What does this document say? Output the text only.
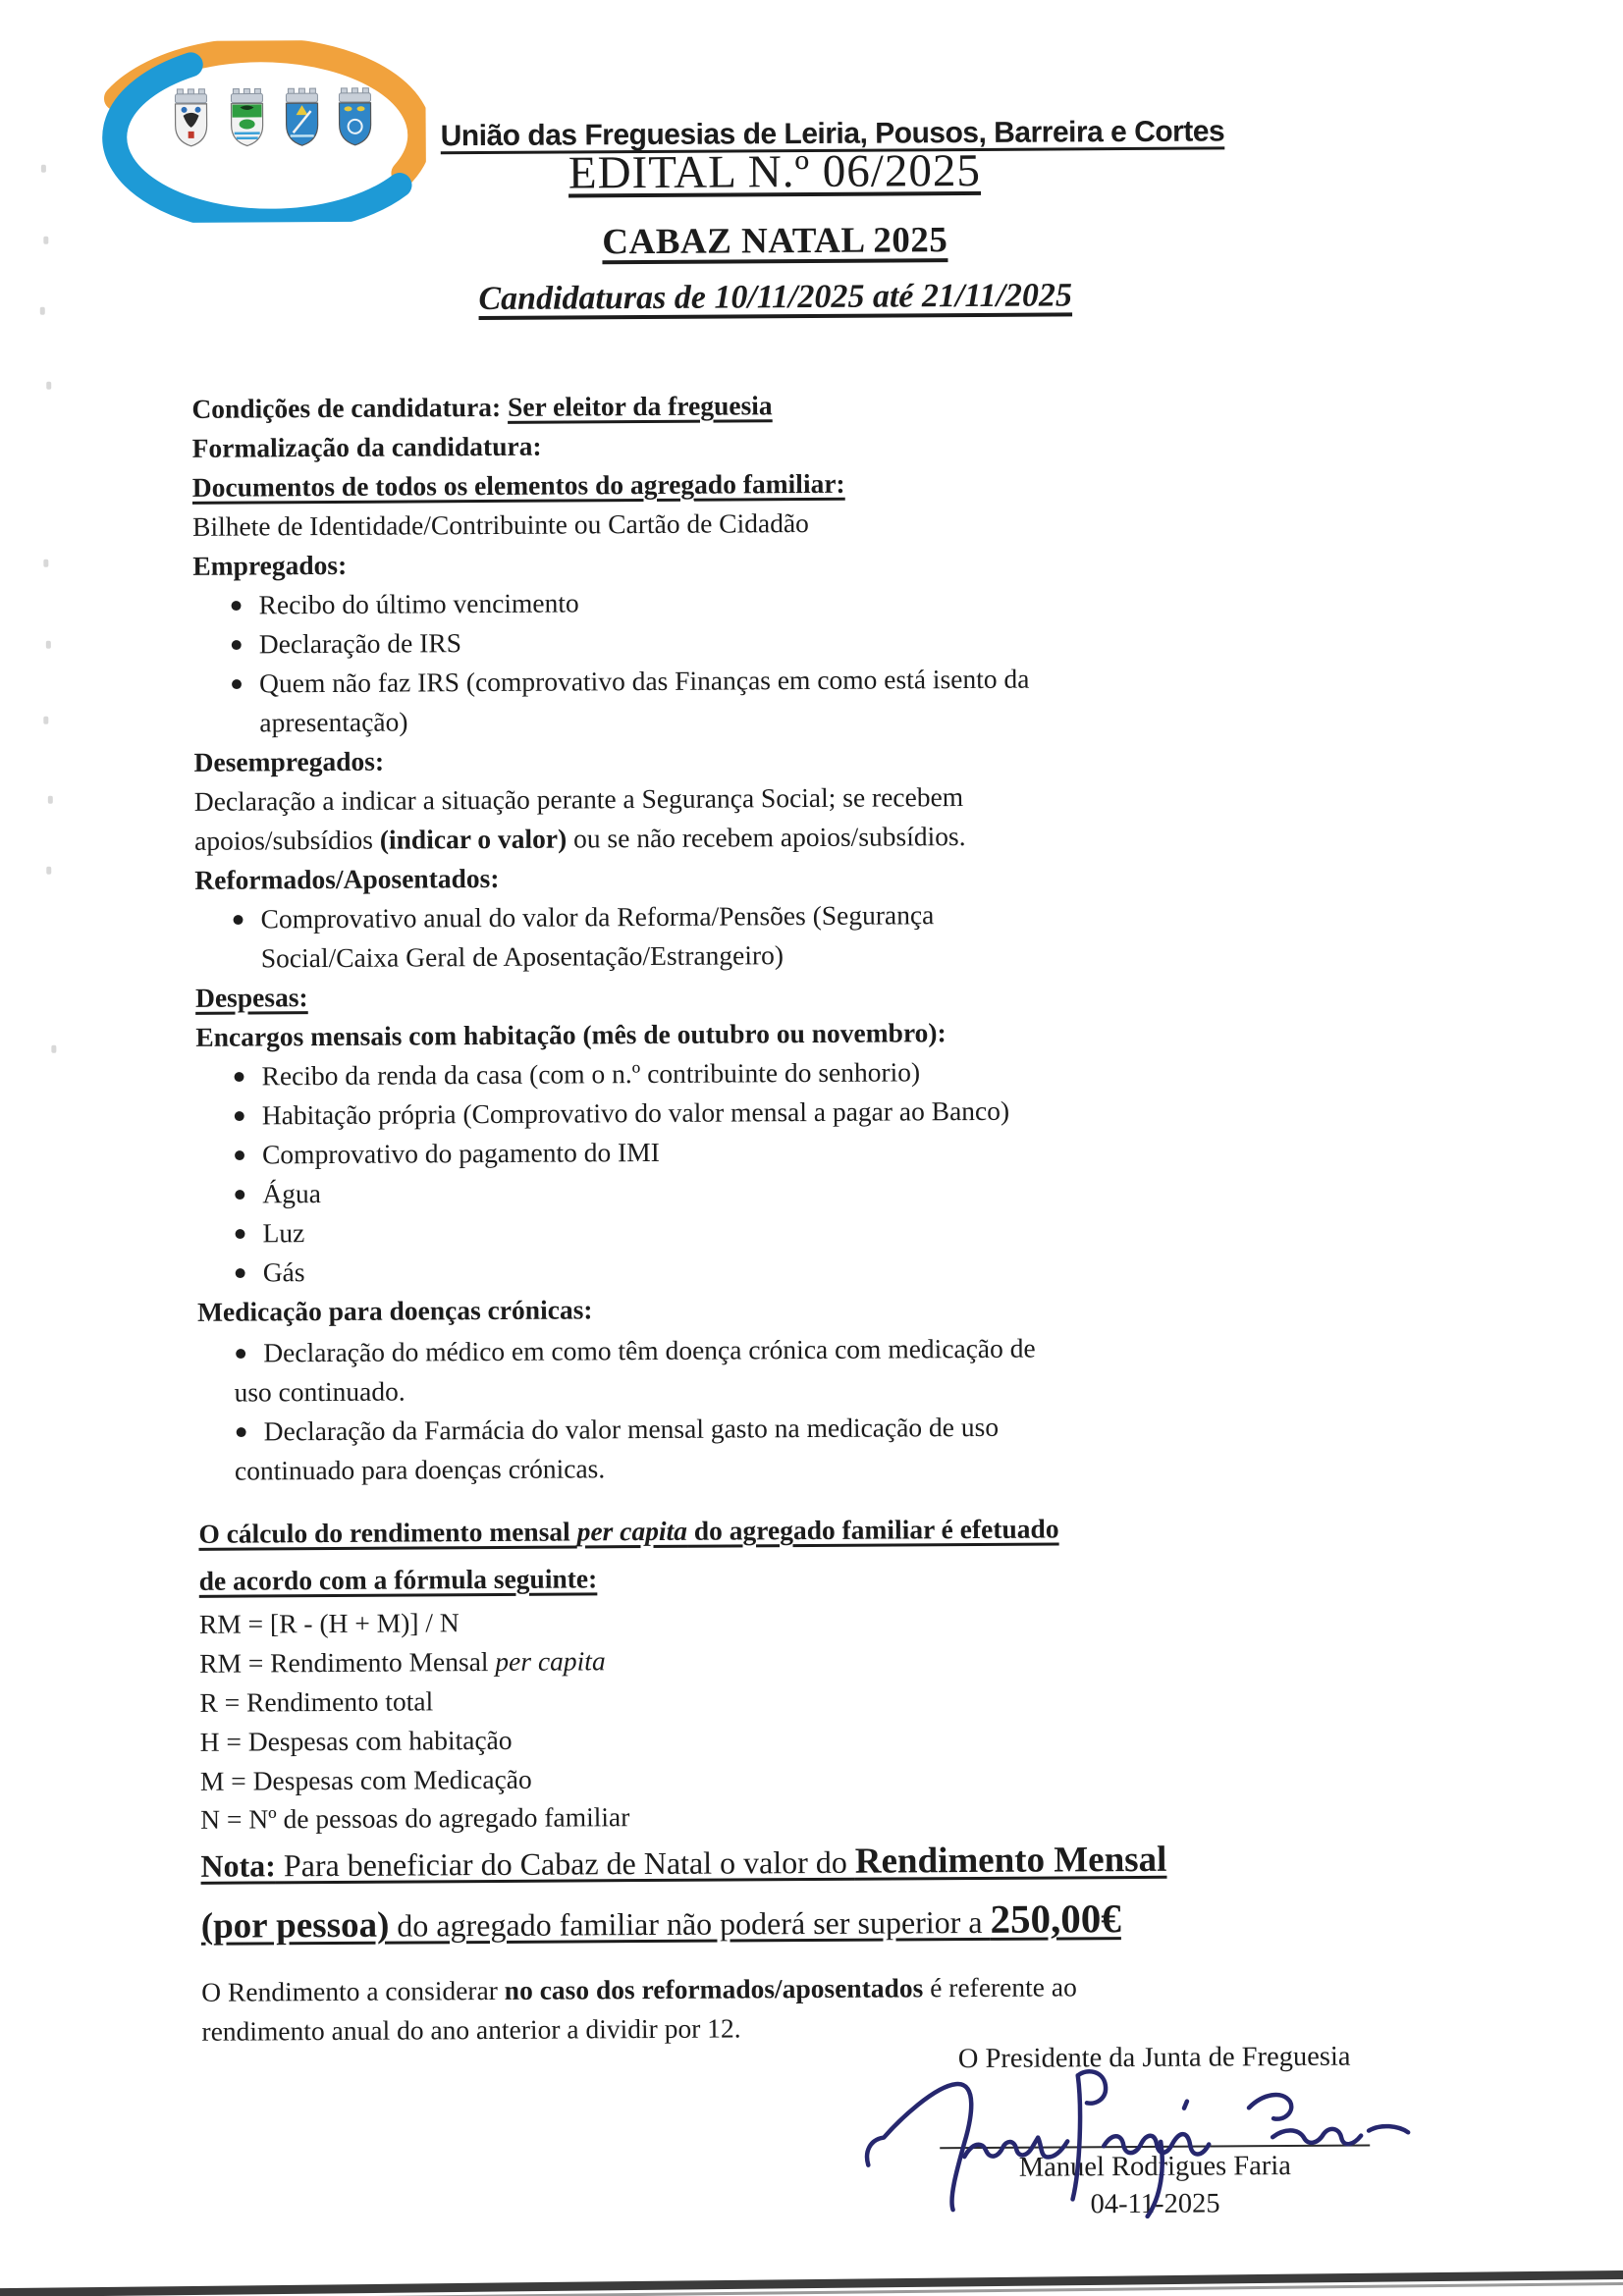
União das Freguesias de Leiria, Pousos, Barreira e Cortes
EDITAL N.º 06/2025
CABAZ NATAL 2025
Candidaturas de 10/11/2025 até 21/11/2025
Condições de candidatura: Ser eleitor da freguesia
Formalização da candidatura:
Documentos de todos os elementos do agregado familiar:
Bilhete de Identidade/Contribuinte ou Cartão de Cidadão
Empregados:
● Recibo do último vencimento
● Declaração de IRS
● Quem não faz IRS (comprovativo das Finanças em como está isento da
apresentação)
Desempregados:
Declaração a indicar a situação perante a Segurança Social; se recebem
apoios/subsídios (indicar o valor) ou se não recebem apoios/subsídios.
Reformados/Aposentados:
● Comprovativo anual do valor da Reforma/Pensões (Segurança
Social/Caixa Geral de Aposentação/Estrangeiro)
Despesas:
Encargos mensais com habitação (mês de outubro ou novembro):
● Recibo da renda da casa (com o n.º contribuinte do senhorio)
● Habitação própria (Comprovativo do valor mensal a pagar ao Banco)
● Comprovativo do pagamento do IMI
● Água
● Luz
● Gás
Medicação para doenças crónicas:
● Declaração do médico em como têm doença crónica com medicação de
uso continuado.
● Declaração da Farmácia do valor mensal gasto na medicação de uso
continuado para doenças crónicas.
O cálculo do rendimento mensal per capita do agregado familiar é efetuado
de acordo com a fórmula seguinte:
RM = [R - (H + M)] / N
RM = Rendimento Mensal per capita
R = Rendimento total
H = Despesas com habitação
M = Despesas com Medicação
N = Nº de pessoas do agregado familiar
Nota: Para beneficiar do Cabaz de Natal o valor do Rendimento Mensal
(por pessoa) do agregado familiar não poderá ser superior a 250,00€
O Rendimento a considerar no caso dos reformados/aposentados é referente ao
rendimento anual do ano anterior a dividir por 12.
O Presidente da Junta de Freguesia
Manuel Rodrigues Faria
04-11-2025
